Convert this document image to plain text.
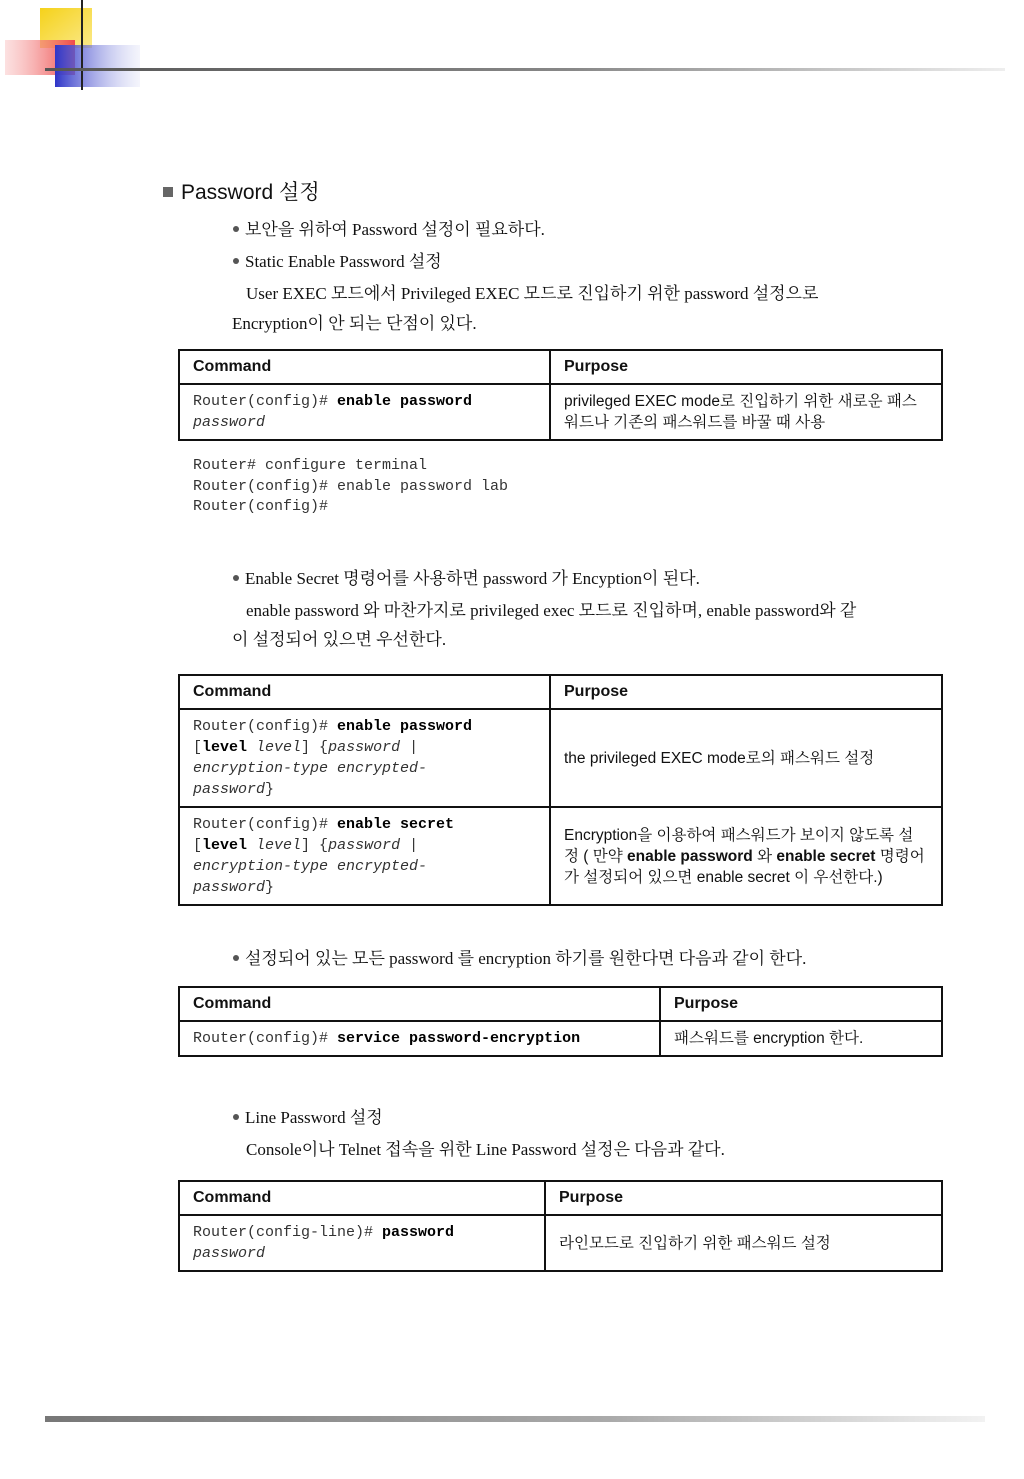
Password 설정
보안을 위하여 Password 설정이 필요하다.
Static Enable Password 설정
User EXEC 모드에서 Privileged EXEC 모드로 진입하기 위한 password 설정으로
Encryption이 안 되는 단점이 있다.
Command	Purpose
Router(config)# enable password
password	privileged EXEC mode로 진입하기 위한 새로운 패스워드나 기존의 패스워드를 바꿀 때 사용
Router# configure terminal
Router(config)# enable password lab
Router(config)#
Enable Secret 명령어를 사용하면 password 가 Encyption이 된다.
enable password 와 마찬가지로 privileged exec 모드로 진입하며, enable password와 같
이 설정되어 있으면 우선한다.
Command	Purpose
Router(config)# enable password
[level level] {password |
encryption-type encrypted-
password}	the privileged EXEC mode로의 패스워드 설정
Router(config)# enable secret
[level level] {password |
encryption-type encrypted-
password}	Encryption을 이용하여 패스워드가 보이지 않도록 설정 ( 만약 enable password 와 enable secret 명령어가 설정되어 있으면 enable secret 이 우선한다.)
설정되어 있는 모든 password 를 encryption 하기를 원한다면 다음과 같이 한다.
Command	Purpose
Router(config)# service password-encryption	패스워드를 encryption 한다.
Line Password 설정
Console이나 Telnet 접속을 위한 Line Password 설정은 다음과 같다.
Command	Purpose
Router(config-line)# password
password	라인모드로 진입하기 위한 패스워드 설정
